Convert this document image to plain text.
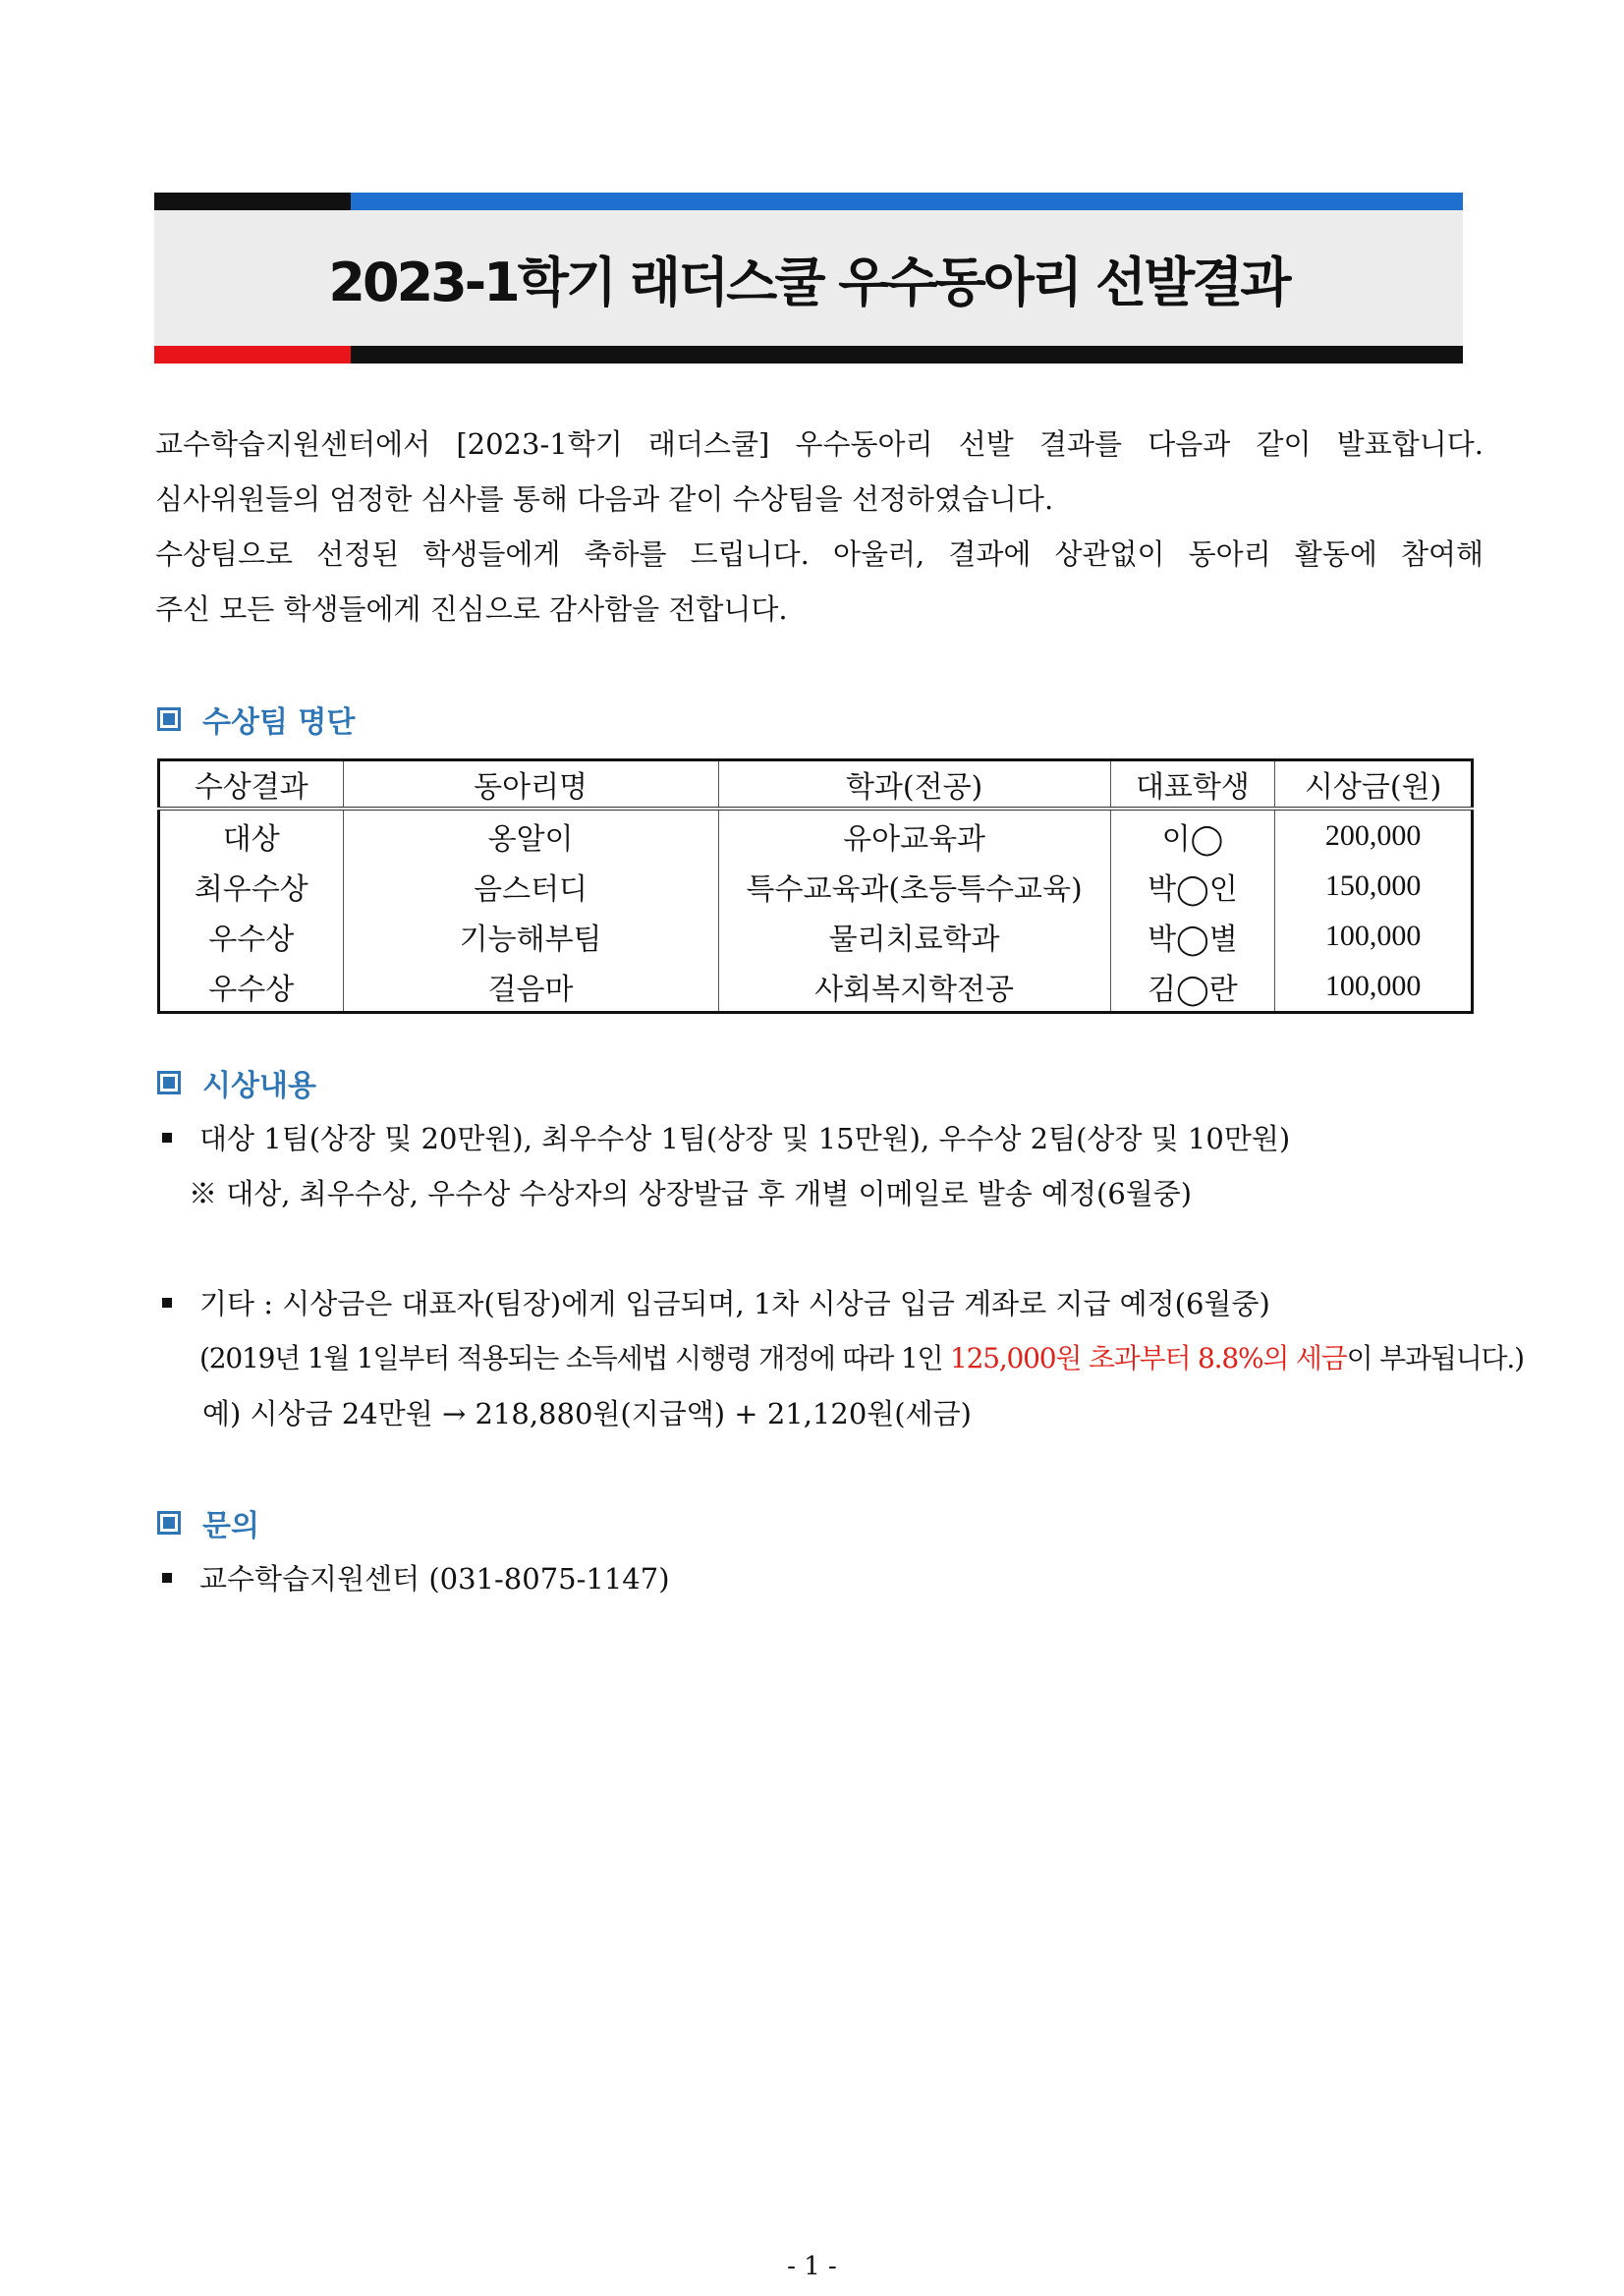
2023-1학기 래더스쿨 우수동아리 선발결과
교수학습지원센터에서 [2023-1학기 래더스쿨] 우수동아리 선발 결과를 다음과 같이 발표합니다.
심사위원들의 엄정한 심사를 통해 다음과 같이 수상팀을 선정하였습니다.
수상팀으로 선정된 학생들에게 축하를 드립니다. 아울러, 결과에 상관없이 동아리 활동에 참여해
주신 모든 학생들에게 진심으로 감사함을 전합니다.
수상팀 명단
수상결과	동아리명	학과(전공)	대표학생	시상금(원)
대상	옹알이	유아교육과	이◯	200,000
최우수상	음스터디	특수교육과(초등특수교육)	박◯인	150,000
우수상	기능해부팀	물리치료학과	박◯별	100,000
우수상	걸음마	사회복지학전공	김◯란	100,000
시상내용
대상 1팀(상장 및 20만원), 최우수상 1팀(상장 및 15만원), 우수상 2팀(상장 및 10만원)
※ 대상, 최우수상, 우수상 수상자의 상장발급 후 개별 이메일로 발송 예정(6월중)
기타 : 시상금은 대표자(팀장)에게 입금되며, 1차 시상금 입금 계좌로 지급 예정(6월중)
(2019년 1월 1일부터 적용되는 소득세법 시행령 개정에 따라 1인 125,000원 초과부터 8.8%의 세금이 부과됩니다.)
예) 시상금 24만원 → 218,880원(지급액) + 21,120원(세금)
문의
교수학습지원센터 (031-8075-1147)
- 1 -
